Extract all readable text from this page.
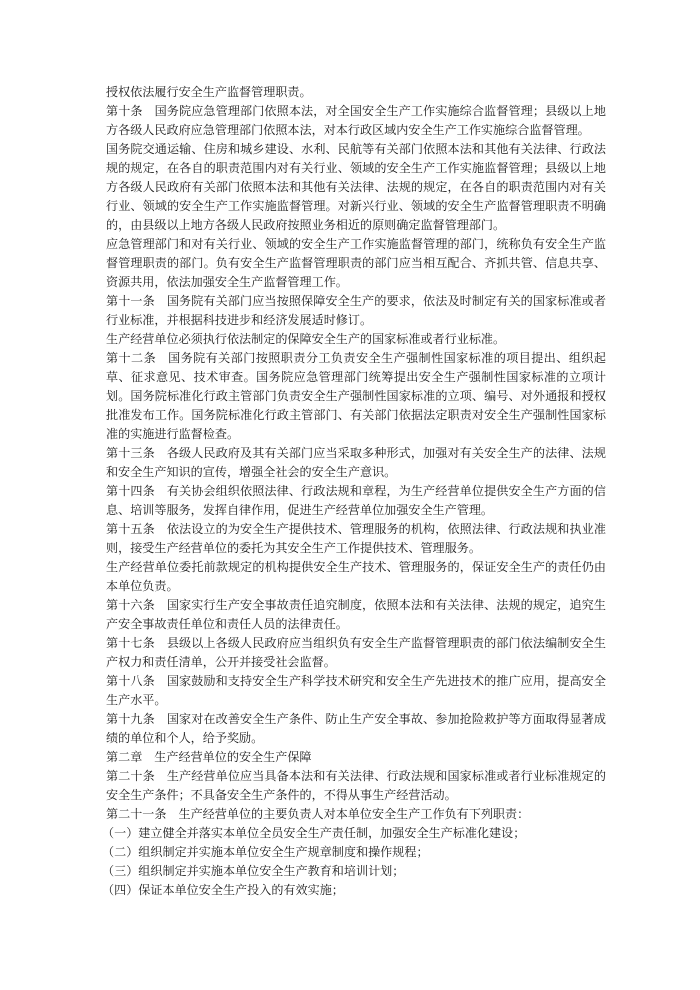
授权依法履行安全生产监督管理职责。

第十条 国务院应急管理部门依照本法，对全国安全生产工作实施综合监督管理；县级以上地方各级人民政府应急管理部门依照本法，对本行政区域内安全生产工作实施综合监督管理。

国务院交通运输、住房和城乡建设、水利、民航等有关部门依照本法和其他有关法律、行政法规的规定，在各自的职责范围内对有关行业、领域的安全生产工作实施监督管理；县级以上地方各级人民政府有关部门依照本法和其他有关法律、法规的规定，在各自的职责范围内对有关行业、领域的安全生产工作实施监督管理。对新兴行业、领域的安全生产监督管理职责不明确的，由县级以上地方各级人民政府按照业务相近的原则确定监督管理部门。

应急管理部门和对有关行业、领域的安全生产工作实施监督管理的部门，统称负有安全生产监督管理职责的部门。负有安全生产监督管理职责的部门应当相互配合、齐抓共管、信息共享、资源共用，依法加强安全生产监督管理工作。

第十一条 国务院有关部门应当按照保障安全生产的要求，依法及时制定有关的国家标准或者行业标准，并根据科技进步和经济发展适时修订。

生产经营单位必须执行依法制定的保障安全生产的国家标准或者行业标准。

第十二条 国务院有关部门按照职责分工负责安全生产强制性国家标准的项目提出、组织起草、征求意见、技术审查。国务院应急管理部门统筹提出安全生产强制性国家标准的立项计划。国务院标准化行政主管部门负责安全生产强制性国家标准的立项、编号、对外通报和授权批准发布工作。国务院标准化行政主管部门、有关部门依据法定职责对安全生产强制性国家标准的实施进行监督检查。

第十三条 各级人民政府及其有关部门应当采取多种形式，加强对有关安全生产的法律、法规和安全生产知识的宣传，增强全社会的安全生产意识。

第十四条 有关协会组织依照法律、行政法规和章程，为生产经营单位提供安全生产方面的信息、培训等服务，发挥自律作用，促进生产经营单位加强安全生产管理。

第十五条 依法设立的为安全生产提供技术、管理服务的机构，依照法律、行政法规和执业准则，接受生产经营单位的委托为其安全生产工作提供技术、管理服务。

生产经营单位委托前款规定的机构提供安全生产技术、管理服务的，保证安全生产的责任仍由本单位负责。

第十六条 国家实行生产安全事故责任追究制度，依照本法和有关法律、法规的规定，追究生产安全事故责任单位和责任人员的法律责任。

第十七条 县级以上各级人民政府应当组织负有安全生产监督管理职责的部门依法编制安全生产权力和责任清单，公开并接受社会监督。

第十八条 国家鼓励和支持安全生产科学技术研究和安全生产先进技术的推广应用，提高安全生产水平。

第十九条 国家对在改善安全生产条件、防止生产安全事故、参加抢险救护等方面取得显著成绩的单位和个人，给予奖励。

第二章 生产经营单位的安全生产保障

第二十条 生产经营单位应当具备本法和有关法律、行政法规和国家标准或者行业标准规定的安全生产条件；不具备安全生产条件的，不得从事生产经营活动。

第二十一条 生产经营单位的主要负责人对本单位安全生产工作负有下列职责：

（一）建立健全并落实本单位全员安全生产责任制，加强安全生产标准化建设；

（二）组织制定并实施本单位安全生产规章制度和操作规程；

（三）组织制定并实施本单位安全生产教育和培训计划；

（四）保证本单位安全生产投入的有效实施；
